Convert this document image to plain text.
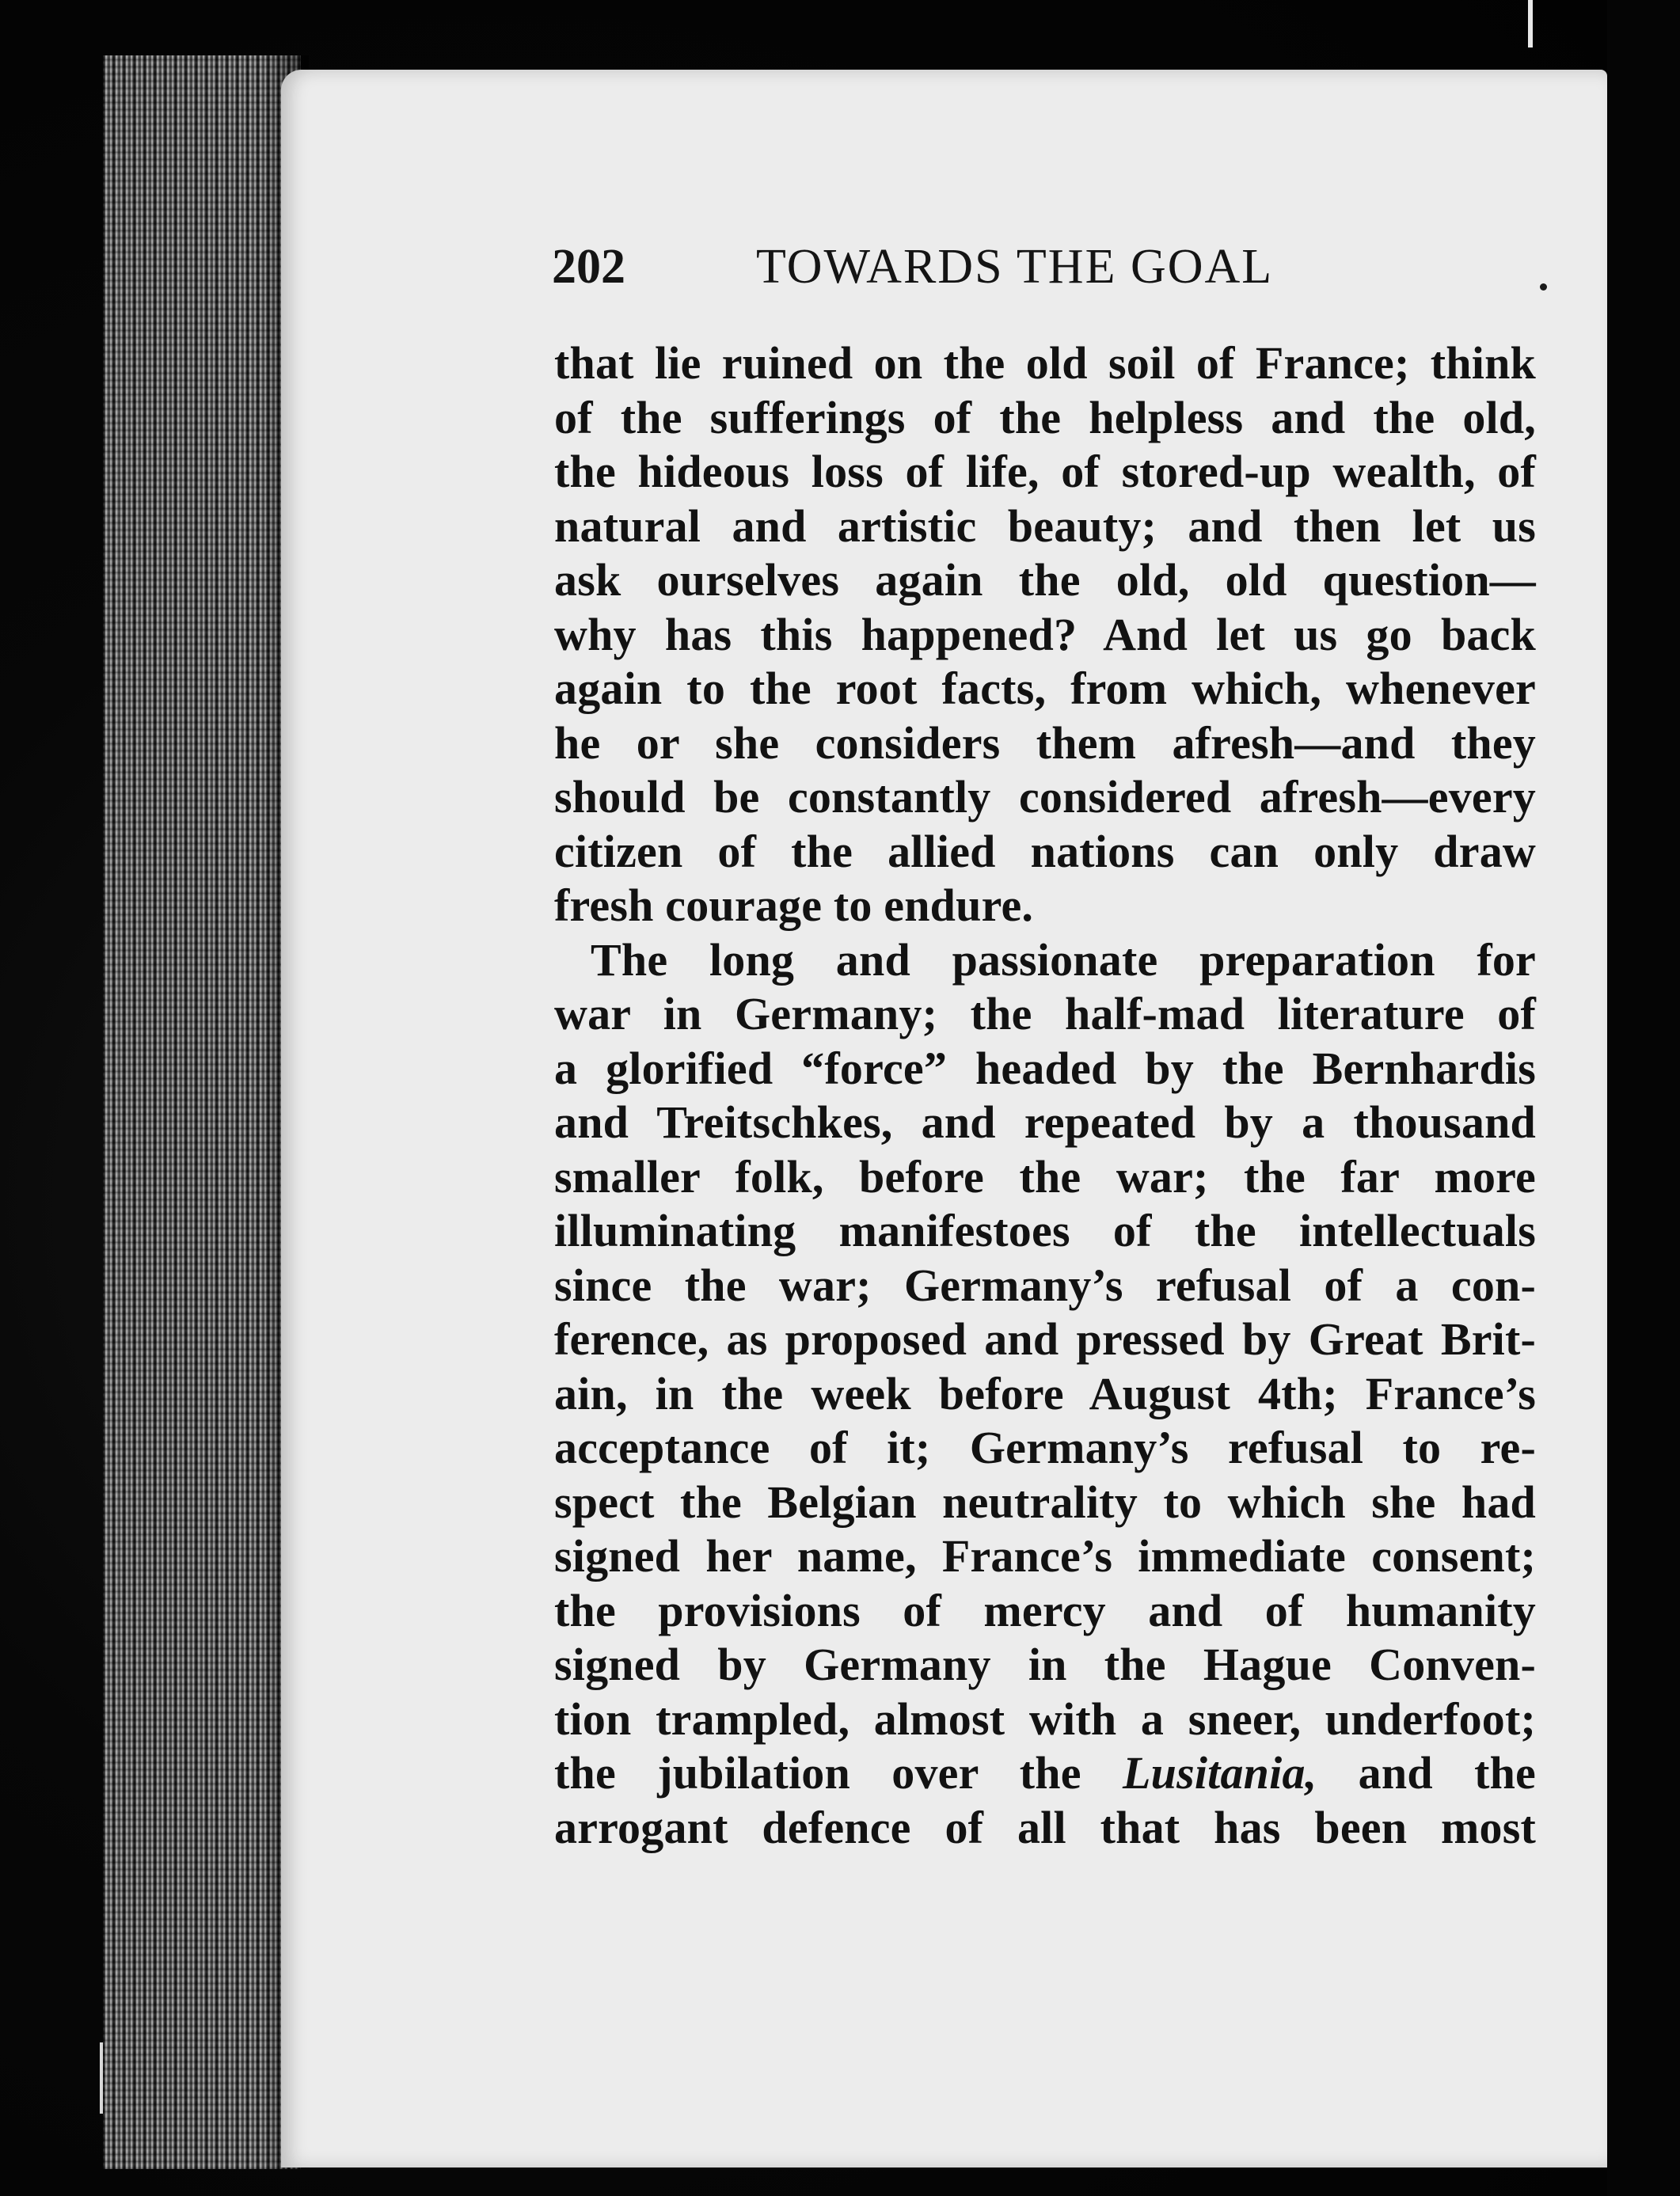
202	TOWARDS THE GOAL
that lie ruined on the old soil of France; think
of the sufferings of the helpless and the old,
the hideous loss of life, of stored-up wealth, of
natural and artistic beauty; and then let us
ask ourselves again the old, old question—
why has this happened? And let us go back
again to the root facts, from which, whenever
he or she considers them afresh—and they
should be constantly considered afresh—every
citizen of the allied nations can only draw
fresh courage to endure.
The long and passionate preparation for
war in Germany; the half-mad literature of
a glorified “force” headed by the Bernhardis
and Treitschkes, and repeated by a thousand
smaller folk, before the war; the far more
illuminating manifestoes of the intellectuals
since the war; Germany’s refusal of a con-
ference, as proposed and pressed by Great Brit-
ain, in the week before August 4th; France’s
acceptance of it; Germany’s refusal to re-
spect the Belgian neutrality to which she had
signed her name, France’s immediate consent;
the provisions of mercy and of humanity
signed by Germany in the Hague Conven-
tion trampled, almost with a sneer, underfoot;
the jubilation over the Lusitania, and the
arrogant defence of all that has been most
